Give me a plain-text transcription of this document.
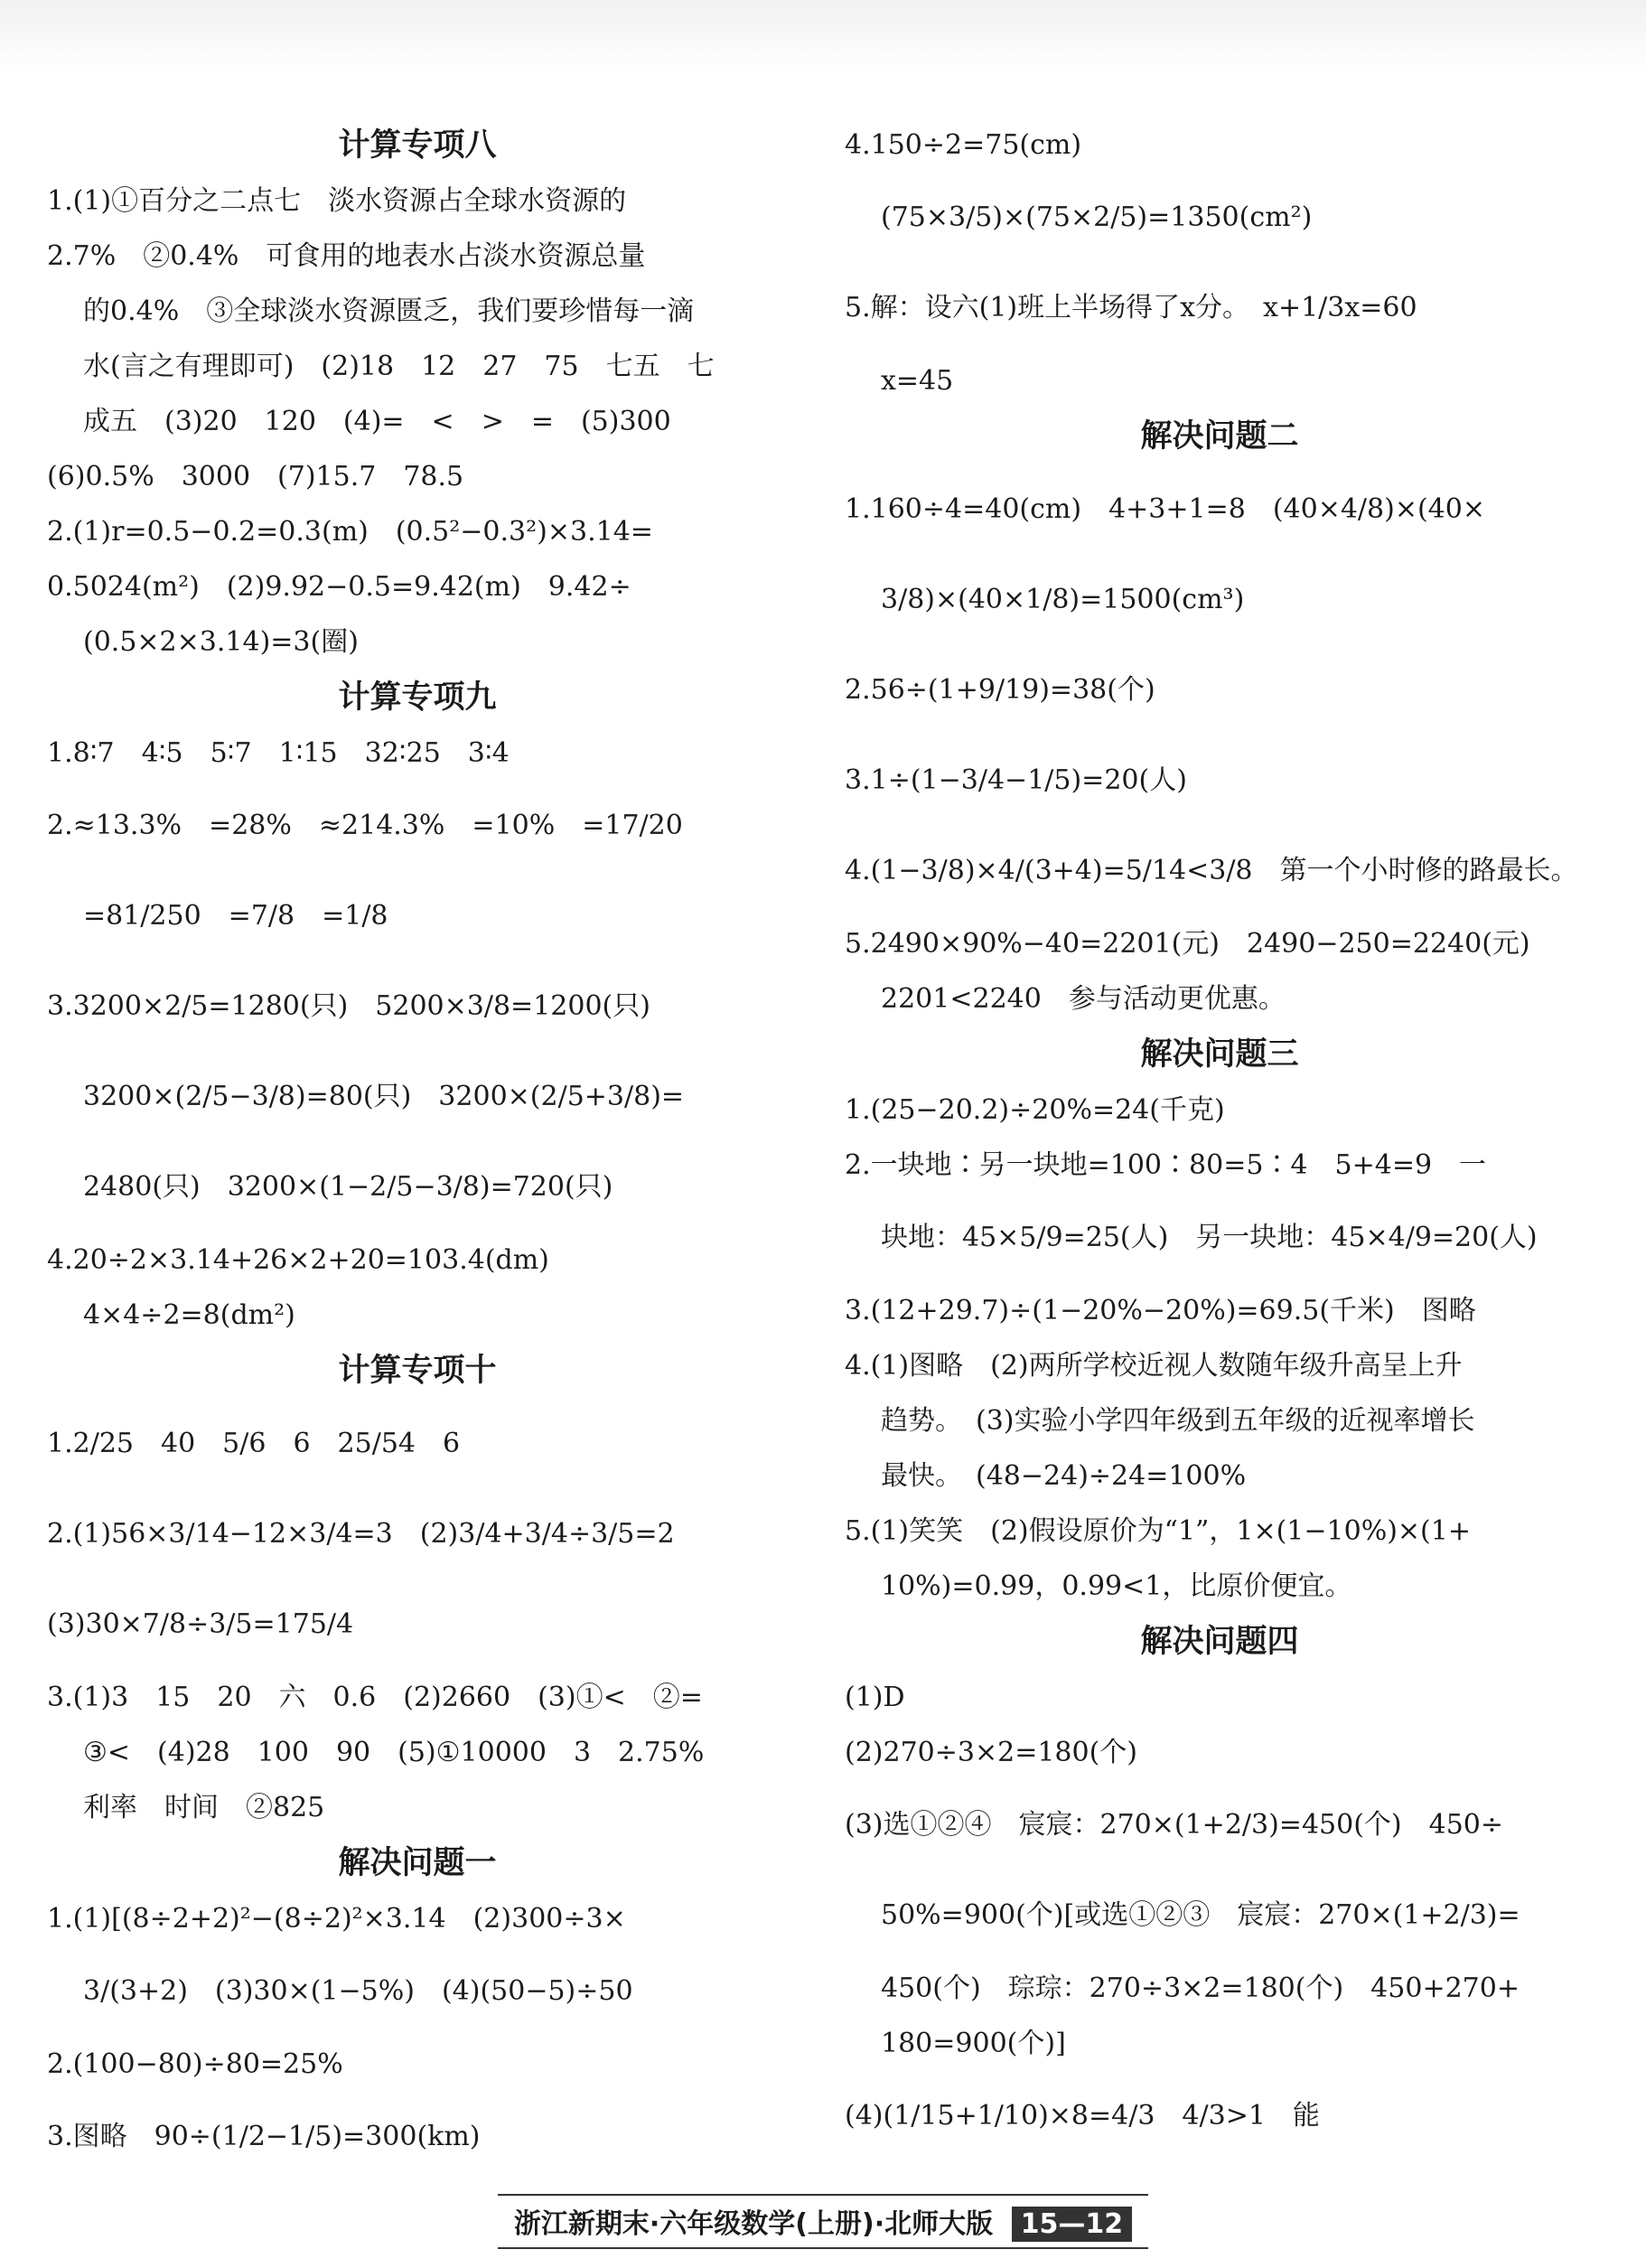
计算专项八
1.(1)①百分之二点七　淡水资源占全球水资源的
2.7%　②0.4%　可食用的地表水占淡水资源总量
的0.4%　③全球淡水资源匮乏，我们要珍惜每一滴
水(言之有理即可)　(2)18　12　27　75　七五　七
成五　(3)20　120　(4)=　<　>　=　(5)300
(6)0.5%　3000　(7)15.7　78.5
2.(1)r=0.5−0.2=0.3(m)　(0.5²−0.3²)×3.14=
0.5024(m²)　(2)9.92−0.5=9.42(m)　9.42÷
(0.5×2×3.14)=3(圈)
计算专项九
1.8∶7　4∶5　5∶7　1∶15　32∶25　3∶4
2.≈13.3%　=28%　≈214.3%　=10%　=17/20
=81/250　=7/8　=1/8
3.3200×2/5=1280(只)　5200×3/8=1200(只)
3200×(2/5−3/8)=80(只)　3200×(2/5+3/8)=
2480(只)　3200×(1−2/5−3/8)=720(只)
4.20÷2×3.14+26×2+20=103.4(dm)
4×4÷2=8(dm²)
计算专项十
1.2/25　40　5/6　6　25/54　6
2.(1)56×3/14−12×3/4=3　(2)3/4+3/4÷3/5=2
(3)30×7/8÷3/5=175/4
3.(1)3　15　20　六　0.6　(2)2660　(3)①<　②=
③<　(4)28　100　90　(5)①10000　3　2.75%
利率　时间　②825
解决问题一
1.(1)[(8÷2+2)²−(8÷2)²×3.14　(2)300÷3×
3/(3+2)　(3)30×(1−5%)　(4)(50−5)÷50
2.(100−80)÷80=25%
3.图略　90÷(1/2−1/5)=300(km)
4.150÷2=75(cm)
(75×3/5)×(75×2/5)=1350(cm²)
5.解：设六(1)班上半场得了x分。　x+1/3x=60
x=45
解决问题二
1.160÷4=40(cm)　4+3+1=8　(40×4/8)×(40×
3/8)×(40×1/8)=1500(cm³)
2.56÷(1+9/19)=38(个)
3.1÷(1−3/4−1/5)=20(人)
4.(1−3/8)×4/(3+4)=5/14<3/8　第一个小时修的路最长。
5.2490×90%−40=2201(元)　2490−250=2240(元)
2201<2240　参与活动更优惠。
解决问题三
1.(25−20.2)÷20%=24(千克)
2.一块地∶另一块地=100∶80=5∶4　5+4=9　一
块地：45×5/9=25(人)　另一块地：45×4/9=20(人)
3.(12+29.7)÷(1−20%−20%)=69.5(千米)　图略
4.(1)图略　(2)两所学校近视人数随年级升高呈上升
趋势。　(3)实验小学四年级到五年级的近视率增长
最快。　(48−24)÷24=100%
5.(1)笑笑　(2)假设原价为“1”，1×(1−10%)×(1+
10%)=0.99，0.99<1，比原价便宜。
解决问题四
(1)D
(2)270÷3×2=180(个)
(3)选①②④　宸宸：270×(1+2/3)=450(个)　450÷
50%=900(个)[或选①②③　宸宸：270×(1+2/3)=
450(个)　琮琮：270÷3×2=180(个)　450+270+
180=900(个)]
(4)(1/15+1/10)×8=4/3　4/3>1　能
浙江新期末·六年级数学(上册)·北师大版 15—12
